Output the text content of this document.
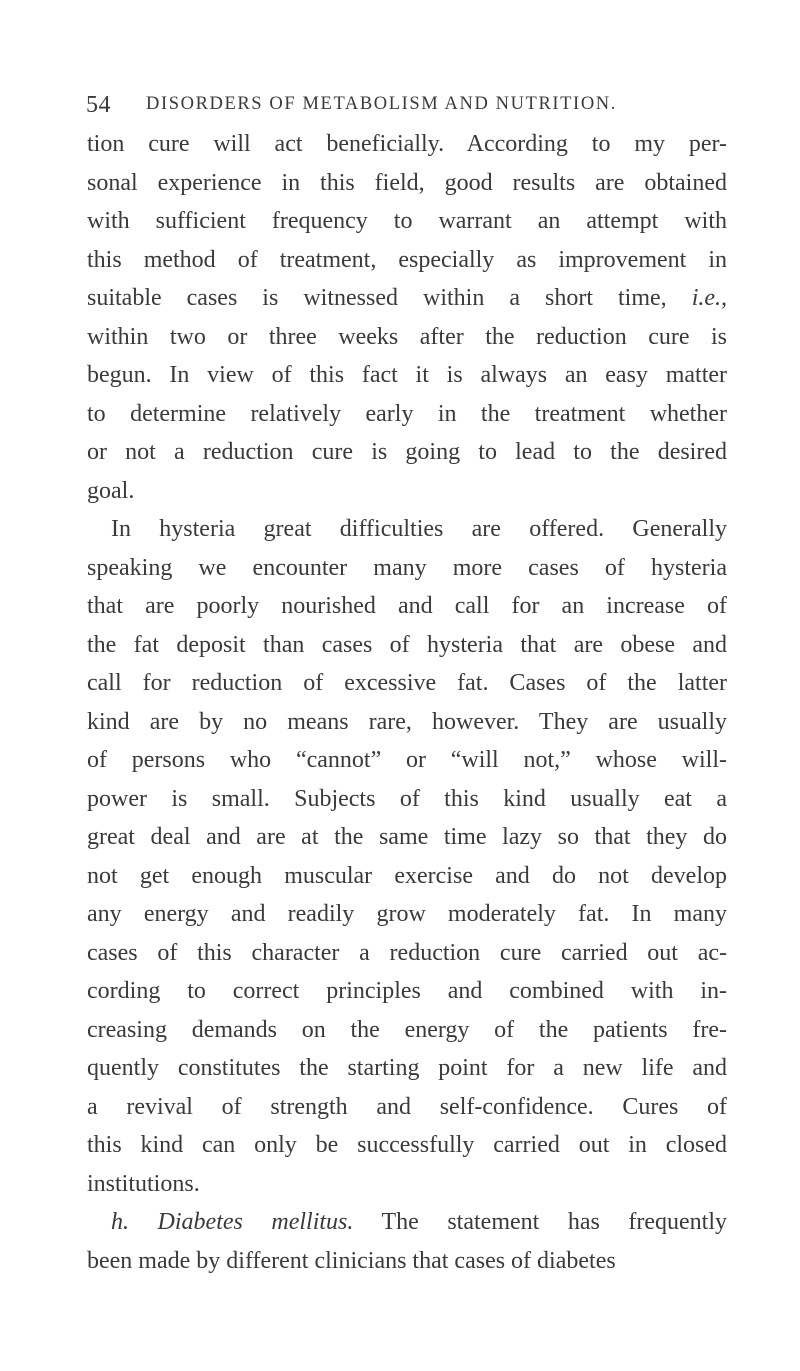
54 DISORDERS OF METABOLISM AND NUTRITION.
tion cure will act beneficially. According to my per-
sonal experience in this field, good results are obtained
with sufficient frequency to warrant an attempt with
this method of treatment, especially as improvement in
suitable cases is witnessed within a short time, i.e.,
within two or three weeks after the reduction cure is
begun. In view of this fact it is always an easy matter
to determine relatively early in the treatment whether
or not a reduction cure is going to lead to the desired
goal.
In hysteria great difficulties are offered. Generally
speaking we encounter many more cases of hysteria
that are poorly nourished and call for an increase of
the fat deposit than cases of hysteria that are obese and
call for reduction of excessive fat. Cases of the latter
kind are by no means rare, however. They are usually
of persons who “cannot” or “will not,” whose will-
power is small. Subjects of this kind usually eat a
great deal and are at the same time lazy so that they do
not get enough muscular exercise and do not develop
any energy and readily grow moderately fat. In many
cases of this character a reduction cure carried out ac-
cording to correct principles and combined with in-
creasing demands on the energy of the patients fre-
quently constitutes the starting point for a new life and
a revival of strength and self-confidence. Cures of
this kind can only be successfully carried out in closed
institutions.
h. Diabetes mellitus. The statement has frequently
been made by different clinicians that cases of diabetes
